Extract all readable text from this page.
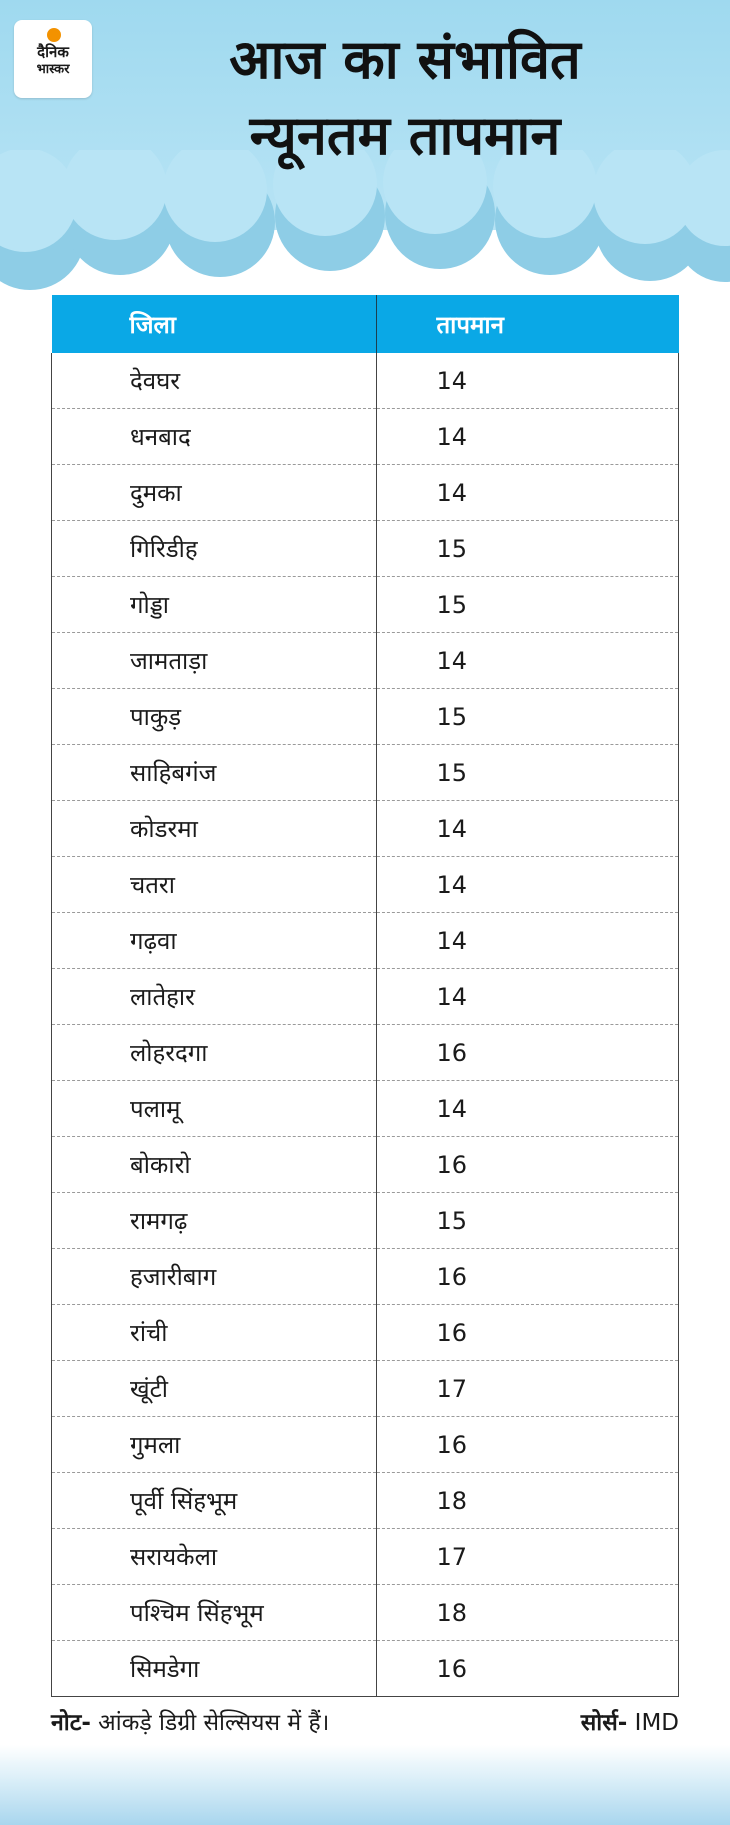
दैनिक
भास्कर	आज का संभावित
न्यूनतम तापमान
जिला	तापमान
देवघर	14
धनबाद	14
दुमका	14
गिरिडीह	15
गोड्डा	15
जामताड़ा	14
पाकुड़	15
साहिबगंज	15
कोडरमा	14
चतरा	14
गढ़वा	14
लातेहार	14
लोहरदगा	16
पलामू	14
बोकारो	16
रामगढ़	15
हजारीबाग	16
रांची	16
खूंटी	17
गुमला	16
पूर्वी सिंहभूम	18
सरायकेला	17
पश्चिम सिंहभूम	18
सिमडेगा	16
नोट- आंकड़े डिग्री सेल्सियस में हैं।	सोर्स- IMD
